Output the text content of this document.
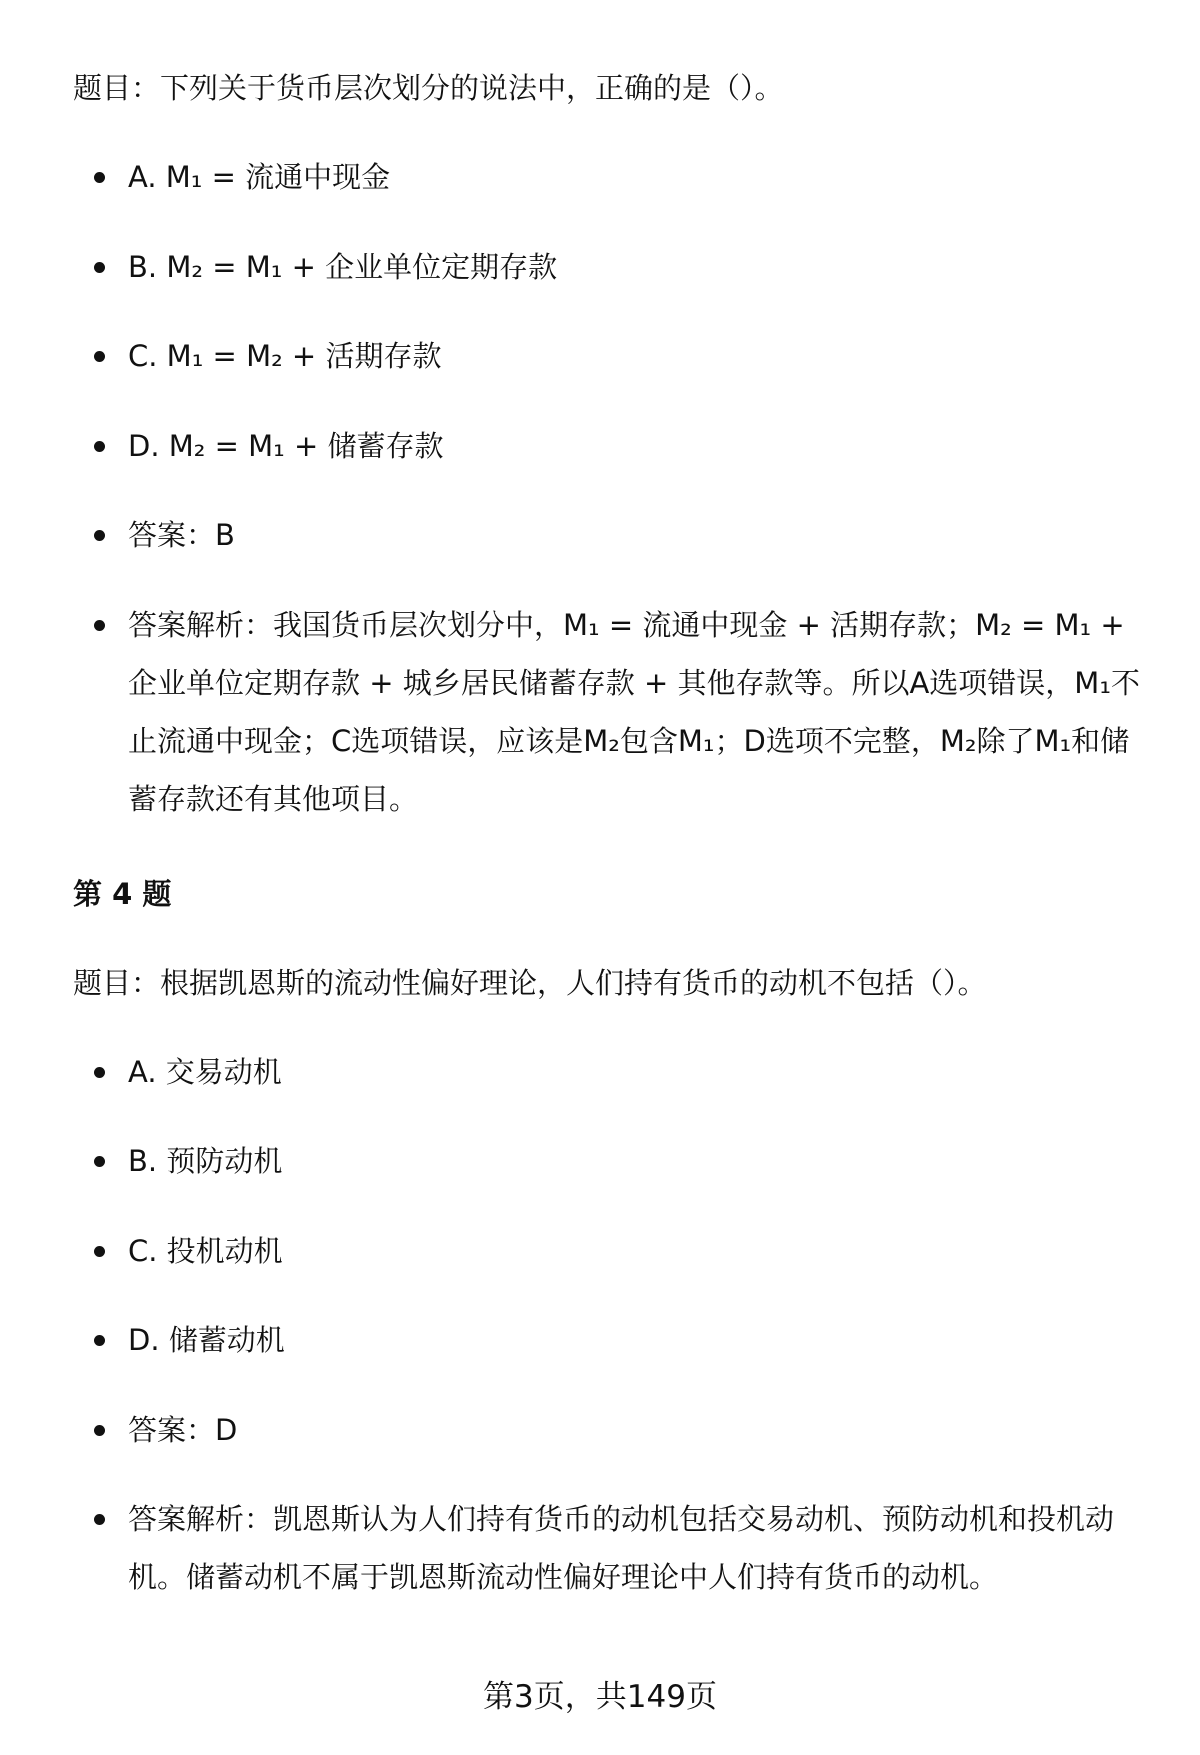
题目：下列关于货币层次划分的说法中，正确的是（）。
A. M₁ = 流通中现金
B. M₂ = M₁ + 企业单位定期存款
C. M₁ = M₂ + 活期存款
D. M₂ = M₁ + 储蓄存款
答案：B
答案解析：我国货币层次划分中，M₁ = 流通中现金 + 活期存款；M₂ = M₁ + 企业单位定期存款 + 城乡居民储蓄存款 + 其他存款等。所以A选项错误，M₁不止流通中现金；C选项错误，应该是M₂包含M₁；D选项不完整，M₂除了M₁和储蓄存款还有其他项目。
第 4 题
题目：根据凯恩斯的流动性偏好理论，人们持有货币的动机不包括（）。
A. 交易动机
B. 预防动机
C. 投机动机
D. 储蓄动机
答案：D
答案解析：凯恩斯认为人们持有货币的动机包括交易动机、预防动机和投机动机。储蓄动机不属于凯恩斯流动性偏好理论中人们持有货币的动机。
第3页，共149页
